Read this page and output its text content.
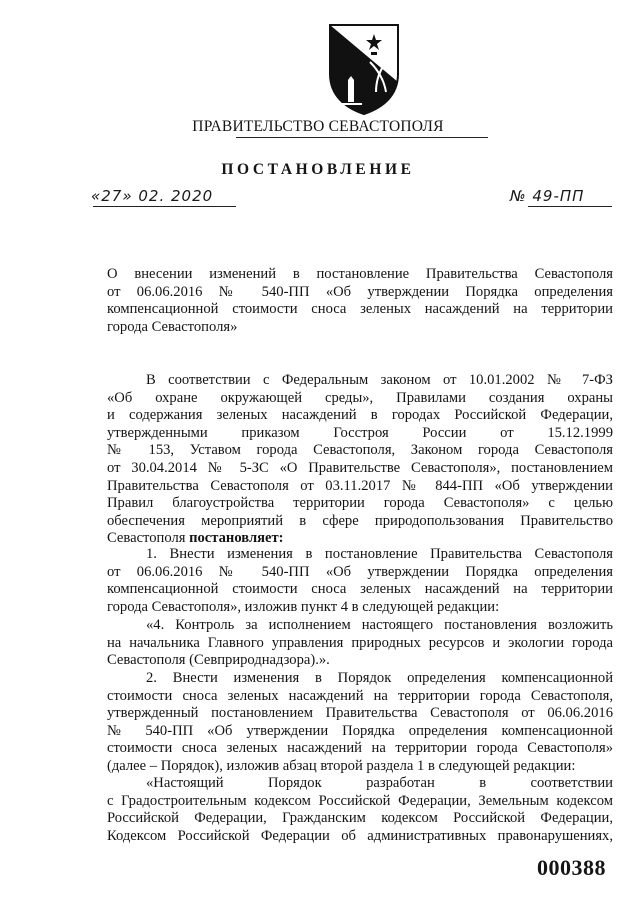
ПРАВИТЕЛЬСТВО СЕВАСТОПОЛЯ
ПОСТАНОВЛЕНИЕ
«27» 02. 2020	№ 49-ПП
О внесении изменений в постановление Правительства Севастополя
от 06.06.2016 № 540-ПП «Об утверждении Порядка определения
компенсационной стоимости сноса зеленых насаждений на территории
города Севастополя»
В соответствии с Федеральным законом от 10.01.2002 № 7-ФЗ
«Об охране окружающей среды», Правилами создания охраны
и содержания зеленых насаждений в городах Российской Федерации,
утвержденными приказом Госстроя России от 15.12.1999
№ 153, Уставом города Севастополя, Законом города Севастополя
от 30.04.2014 № 5-ЗС «О Правительстве Севастополя», постановлением
Правительства Севастополя от 03.11.2017 № 844-ПП «Об утверждении
Правил благоустройства территории города Севастополя» с целью
обеспечения мероприятий в сфере природопользования Правительство
Севастополя постановляет:
1. Внести изменения в постановление Правительства Севастополя
от 06.06.2016 № 540-ПП «Об утверждении Порядка определения
компенсационной стоимости сноса зеленых насаждений на территории
города Севастополя», изложив пункт 4 в следующей редакции:
«4. Контроль за исполнением настоящего постановления возложить
на начальника Главного управления природных ресурсов и экологии города
Севастополя (Севприроднадзора).».
2. Внести изменения в Порядок определения компенсационной
стоимости сноса зеленых насаждений на территории города Севастополя,
утвержденный постановлением Правительства Севастополя от 06.06.2016
№ 540-ПП «Об утверждении Порядка определения компенсационной
стоимости сноса зеленых насаждений на территории города Севастополя»
(далее – Порядок), изложив абзац второй раздела 1 в следующей редакции:
«Настоящий Порядок разработан в соответствии
с Градостроительным кодексом Российской Федерации, Земельным кодексом
Российской Федерации, Гражданским кодексом Российской Федерации,
Кодексом Российской Федерации об административных правонарушениях,
000388
